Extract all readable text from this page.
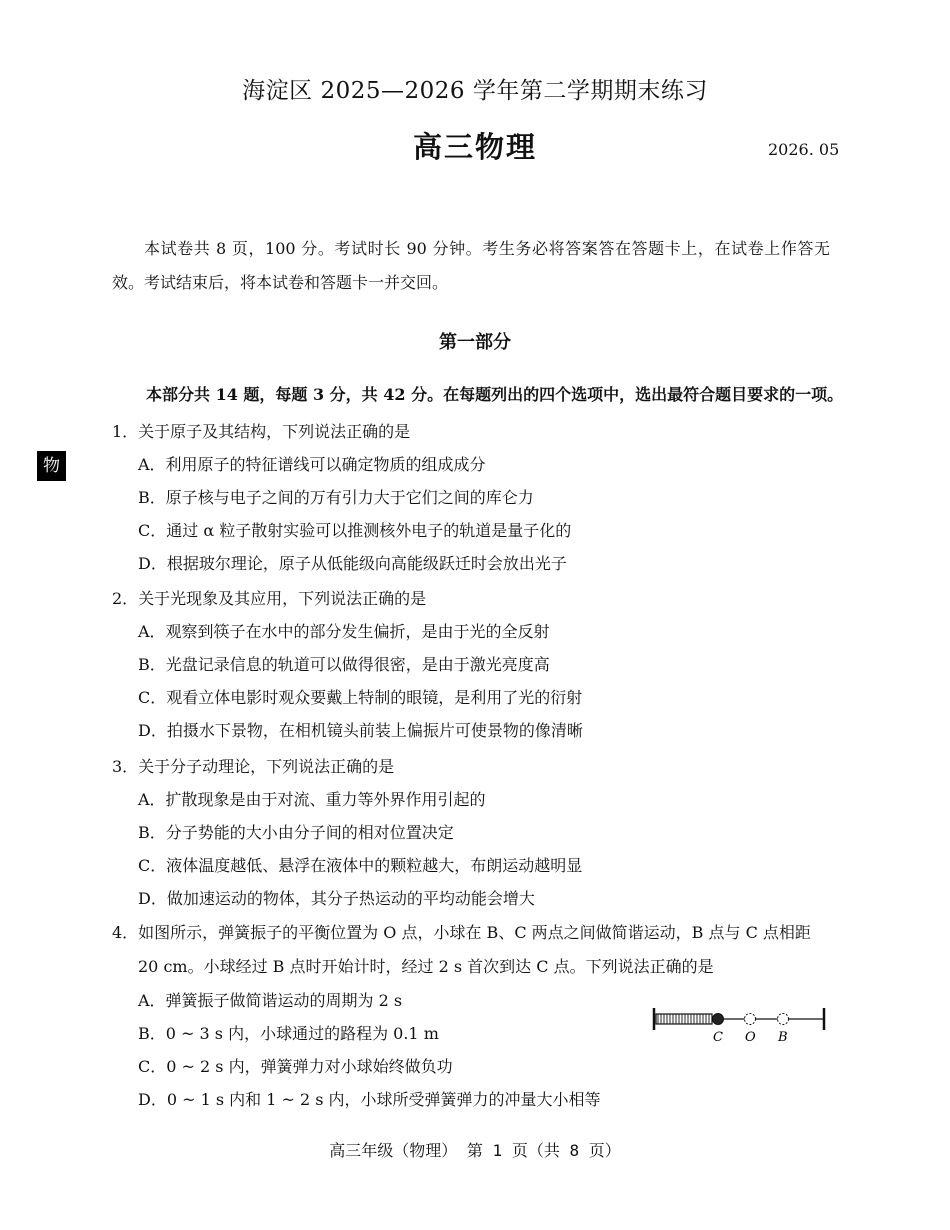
海淀区 2025—2026 学年第二学期期末练习
高三物理	2026. 05
本试卷共 8 页，100 分。考试时长 90 分钟。考生务必将答案答在答题卡上，在试卷上作答无效。考试结束后，将本试卷和答题卡一并交回。
第一部分
本部分共 14 题，每题 3 分，共 42 分。在每题列出的四个选项中，选出最符合题目要求的一项。
物
1．关于原子及其结构，下列说法正确的是
A．利用原子的特征谱线可以确定物质的组成成分
B．原子核与电子之间的万有引力大于它们之间的库仑力
C．通过 α 粒子散射实验可以推测核外电子的轨道是量子化的
D．根据玻尔理论，原子从低能级向高能级跃迁时会放出光子
2．关于光现象及其应用，下列说法正确的是
A．观察到筷子在水中的部分发生偏折，是由于光的全反射
B．光盘记录信息的轨道可以做得很密，是由于激光亮度高
C．观看立体电影时观众要戴上特制的眼镜，是利用了光的衍射
D．拍摄水下景物，在相机镜头前装上偏振片可使景物的像清晰
3．关于分子动理论，下列说法正确的是
A．扩散现象是由于对流、重力等外界作用引起的
B．分子势能的大小由分子间的相对位置决定
C．液体温度越低、悬浮在液体中的颗粒越大，布朗运动越明显
D．做加速运动的物体，其分子热运动的平均动能会增大
4．如图所示，弹簧振子的平衡位置为 O 点，小球在 B、C 两点之间做简谐运动，B 点与 C 点相距
20 cm。小球经过 B 点时开始计时，经过 2 s 首次到达 C 点。下列说法正确的是
A．弹簧振子做简谐运动的周期为 2 s
B．0 ~ 3 s 内，小球通过的路程为 0.1 m
C．0 ~ 2 s 内，弹簧弹力对小球始终做负功
D．0 ~ 1 s 内和 1 ~ 2 s 内，小球所受弹簧弹力的冲量大小相等
C O B
高三年级（物理） 第 1 页（共 8 页）
